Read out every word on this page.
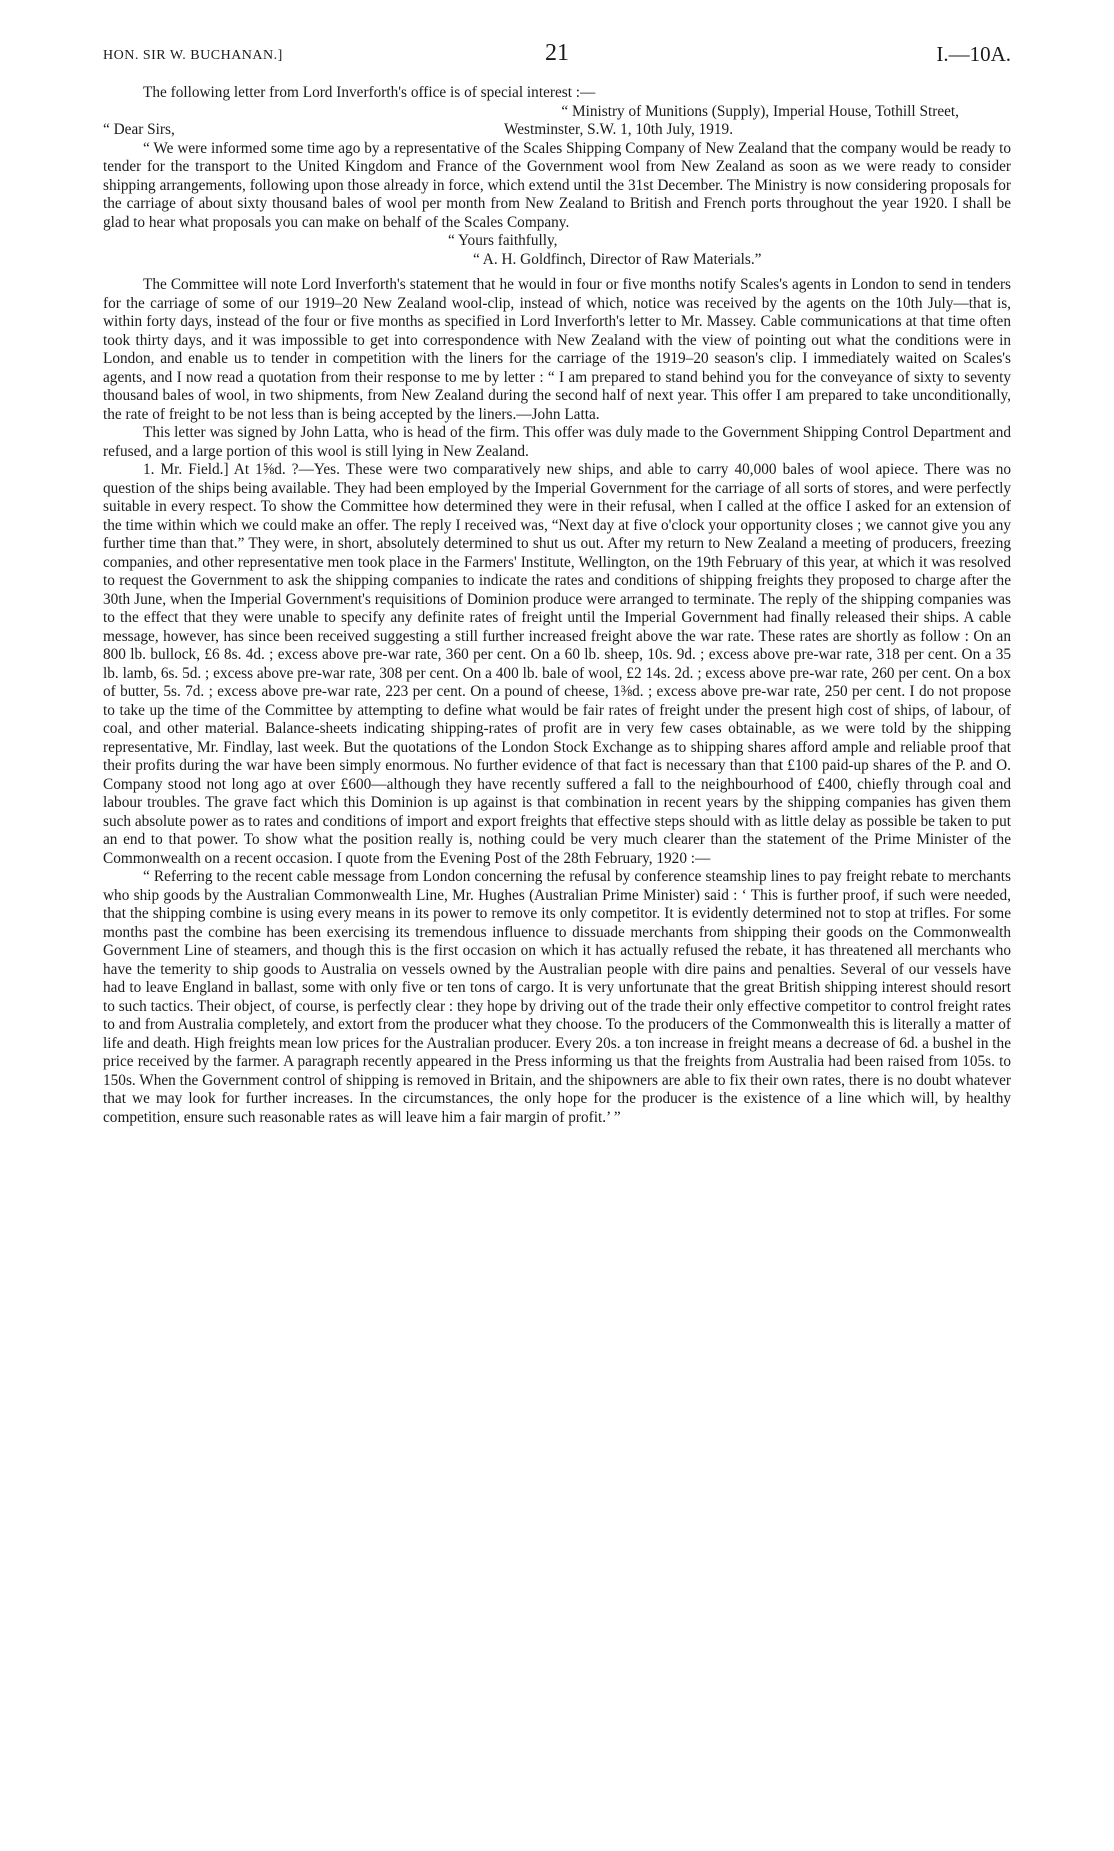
HON. SIR W. BUCHANAN.]	21	I.—10A.

The following letter from Lord Inverforth's office is of special interest :—

“ Ministry of Munitions (Supply), Imperial House, Tothill Street,

“ Dear Sirs,	Westminster, S.W. 1, 10th July, 1919.

“ We were informed some time ago by a representative of the Scales Shipping Company of New Zealand that the company would be ready to tender for the transport to the United Kingdom and France of the Government wool from New Zealand as soon as we were ready to consider shipping arrangements, following upon those already in force, which extend until the 31st December. The Ministry is now considering proposals for the carriage of about sixty thousand bales of wool per month from New Zealand to British and French ports throughout the year 1920. I shall be glad to hear what proposals you can make on behalf of the Scales Company.

“ Yours faithfully,

“ A. H. Goldfinch, Director of Raw Materials.”

The Committee will note Lord Inverforth's statement that he would in four or five months notify Scales's agents in London to send in tenders for the carriage of some of our 1919–20 New Zealand wool-clip, instead of which, notice was received by the agents on the 10th July—that is, within forty days, instead of the four or five months as specified in Lord Inverforth's letter to Mr. Massey. Cable communications at that time often took thirty days, and it was impossible to get into correspondence with New Zealand with the view of pointing out what the conditions were in London, and enable us to tender in competition with the liners for the carriage of the 1919–20 season's clip. I immediately waited on Scales's agents, and I now read a quotation from their response to me by letter : “ I am prepared to stand behind you for the conveyance of sixty to seventy thousand bales of wool, in two shipments, from New Zealand during the second half of next year. This offer I am prepared to take unconditionally, the rate of freight to be not less than is being accepted by the liners.—John Latta.

This letter was signed by John Latta, who is head of the firm. This offer was duly made to the Government Shipping Control Department and refused, and a large portion of this wool is still lying in New Zealand.

1. Mr. Field.] At 1⅝d. ?—Yes. These were two comparatively new ships, and able to carry 40,000 bales of wool apiece. There was no question of the ships being available. They had been employed by the Imperial Government for the carriage of all sorts of stores, and were perfectly suitable in every respect. To show the Committee how determined they were in their refusal, when I called at the office I asked for an extension of the time within which we could make an offer. The reply I received was, “Next day at five o'clock your opportunity closes ; we cannot give you any further time than that.” They were, in short, absolutely determined to shut us out. After my return to New Zealand a meeting of producers, freezing companies, and other representative men took place in the Farmers' Institute, Wellington, on the 19th February of this year, at which it was resolved to request the Government to ask the shipping companies to indicate the rates and conditions of shipping freights they proposed to charge after the 30th June, when the Imperial Government's requisitions of Dominion produce were arranged to terminate. The reply of the shipping companies was to the effect that they were unable to specify any definite rates of freight until the Imperial Government had finally released their ships. A cable message, however, has since been received suggesting a still further increased freight above the war rate. These rates are shortly as follow : On an 800 lb. bullock, £6 8s. 4d. ; excess above pre-war rate, 360 per cent. On a 60 lb. sheep, 10s. 9d. ; excess above pre-war rate, 318 per cent. On a 35 lb. lamb, 6s. 5d. ; excess above pre-war rate, 308 per cent. On a 400 lb. bale of wool, £2 14s. 2d. ; excess above pre-war rate, 260 per cent. On a box of butter, 5s. 7d. ; excess above pre-war rate, 223 per cent. On a pound of cheese, 1⅜d. ; excess above pre-war rate, 250 per cent. I do not propose to take up the time of the Committee by attempting to define what would be fair rates of freight under the present high cost of ships, of labour, of coal, and other material. Balance-sheets indicating shipping-rates of profit are in very few cases obtainable, as we were told by the shipping representative, Mr. Findlay, last week. But the quotations of the London Stock Exchange as to shipping shares afford ample and reliable proof that their profits during the war have been simply enormous. No further evidence of that fact is necessary than that £100 paid-up shares of the P. and O. Company stood not long ago at over £600—although they have recently suffered a fall to the neighbourhood of £400, chiefly through coal and labour troubles. The grave fact which this Dominion is up against is that combination in recent years by the shipping companies has given them such absolute power as to rates and conditions of import and export freights that effective steps should with as little delay as possible be taken to put an end to that power. To show what the position really is, nothing could be very much clearer than the statement of the Prime Minister of the Commonwealth on a recent occasion. I quote from the Evening Post of the 28th February, 1920 :—

“ Referring to the recent cable message from London concerning the refusal by conference steamship lines to pay freight rebate to merchants who ship goods by the Australian Commonwealth Line, Mr. Hughes (Australian Prime Minister) said : ‘ This is further proof, if such were needed, that the shipping combine is using every means in its power to remove its only competitor. It is evidently determined not to stop at trifles. For some months past the combine has been exercising its tremendous influence to dissuade merchants from shipping their goods on the Commonwealth Government Line of steamers, and though this is the first occasion on which it has actually refused the rebate, it has threatened all merchants who have the temerity to ship goods to Australia on vessels owned by the Australian people with dire pains and penalties. Several of our vessels have had to leave England in ballast, some with only five or ten tons of cargo. It is very unfortunate that the great British shipping interest should resort to such tactics. Their object, of course, is perfectly clear : they hope by driving out of the trade their only effective competitor to control freight rates to and from Australia completely, and extort from the producer what they choose. To the producers of the Commonwealth this is literally a matter of life and death. High freights mean low prices for the Australian producer. Every 20s. a ton increase in freight means a decrease of 6d. a bushel in the price received by the farmer. A paragraph recently appeared in the Press informing us that the freights from Australia had been raised from 105s. to 150s. When the Government control of shipping is removed in Britain, and the shipowners are able to fix their own rates, there is no doubt whatever that we may look for further increases. In the circumstances, the only hope for the producer is the existence of a line which will, by healthy competition, ensure such reasonable rates as will leave him a fair margin of profit.’ ”
